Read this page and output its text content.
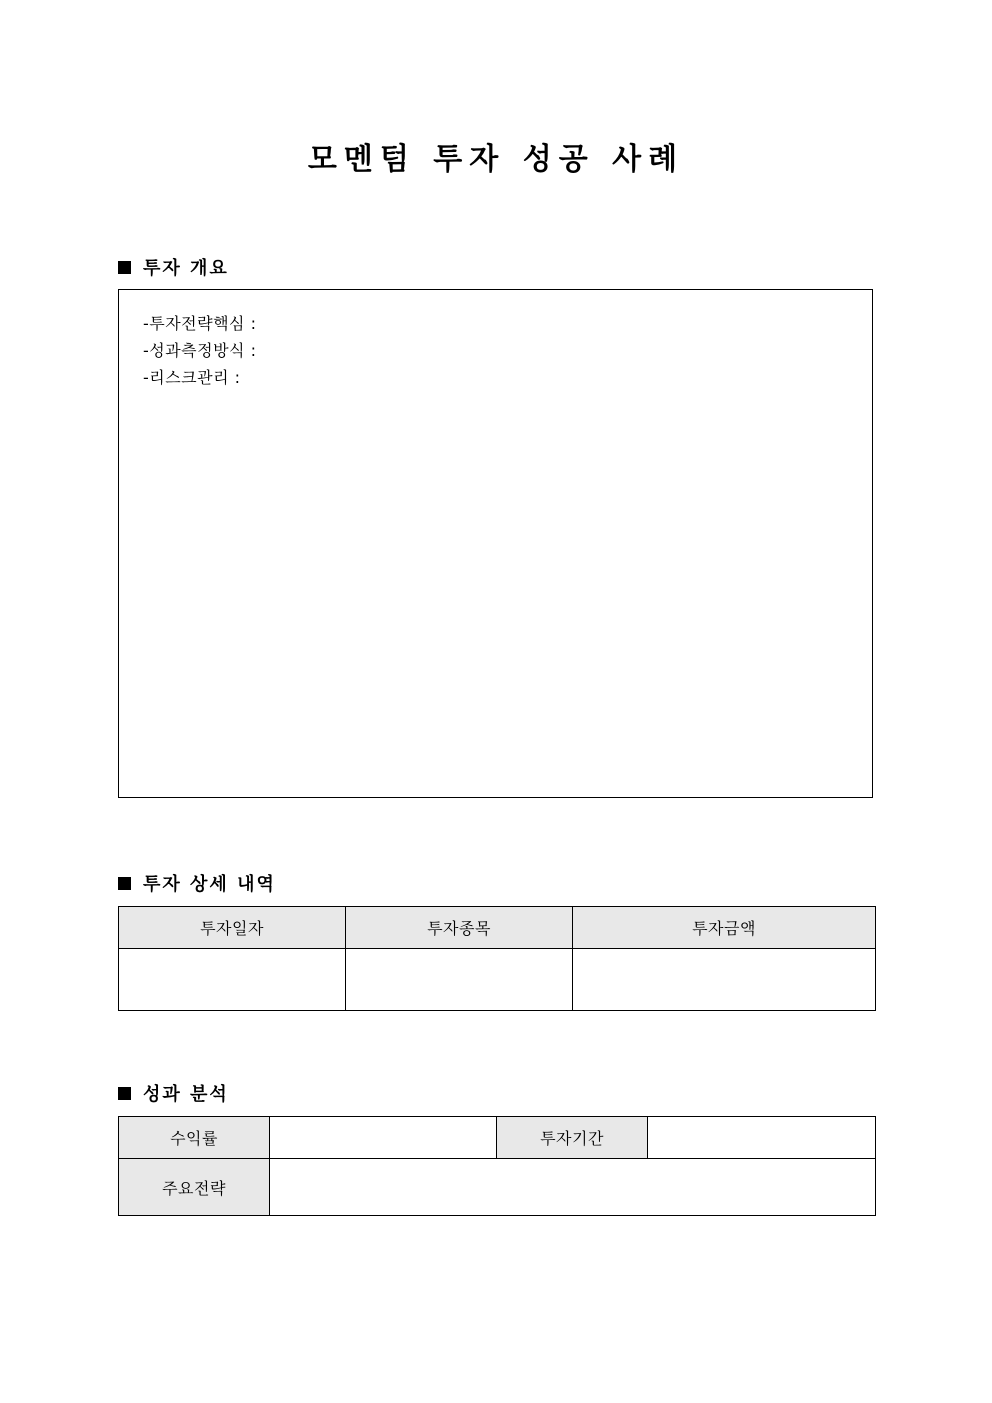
모멘텀 투자 성공 사례
투자 개요
-투자전략핵심 :
-성과측정방식 :
-리스크관리 :
투자 상세 내역
투자일자	투자종목	투자금액

성과 분석
수익률		투자기간	
주요전략			
